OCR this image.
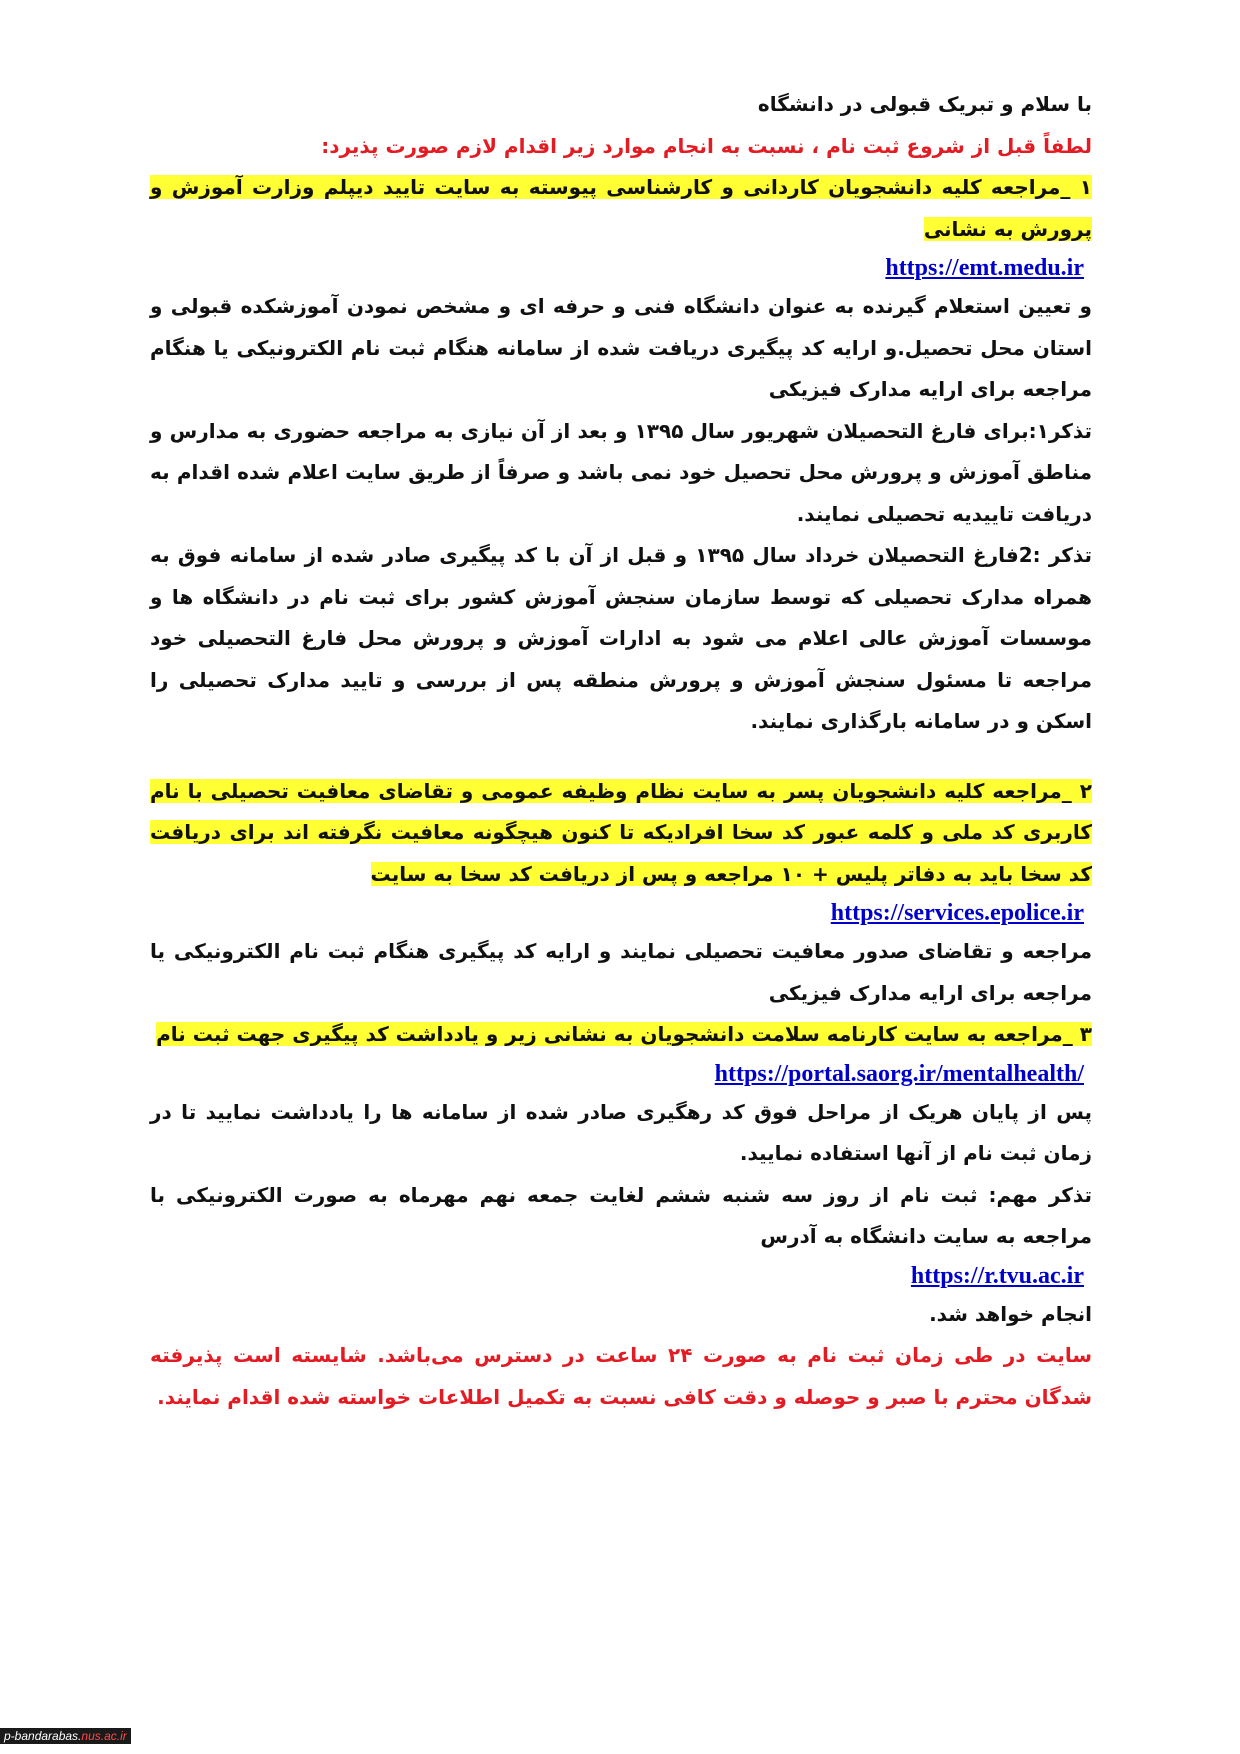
با سلام و تبریک قبولی در دانشگاه

لطفاً قبل از شروع ثبت نام ، نسبت به انجام موارد زیر اقدام لازم صورت پذیرد:

۱ _مراجعه کلیه دانشجویان کاردانی و کارشناسی پیوسته به سایت تایید دیپلم وزارت آموزش و پرورش به نشانی

https://emt.medu.ir

و تعیین استعلام گیرنده به عنوان دانشگاه فنی و حرفه ای و مشخص نمودن آموزشکده قبولی و استان محل تحصیل.و ارایه کد پیگیری دریافت شده از سامانه هنگام ثبت نام الکترونیکی یا هنگام مراجعه برای ارایه مدارک فیزیکی

تذکر۱:برای فارغ التحصیلان شهریور سال ۱۳۹۵ و بعد از آن نیازی به مراجعه حضوری به مدارس و مناطق آموزش و پرورش محل تحصیل خود نمی باشد و صرفاً از طریق سایت اعلام شده اقدام به دریافت تاییدیه تحصیلی نمایند.

تذکر :2فارغ التحصیلان خرداد سال ۱۳۹۵ و قبل از آن با کد پیگیری صادر شده از سامانه فوق به همراه مدارک تحصیلی که توسط سازمان سنجش آموزش کشور برای ثبت نام در دانشگاه ها و موسسات آموزش عالی اعلام می شود به ادارات آموزش و پرورش محل فارغ التحصیلی خود مراجعه تا مسئول سنجش آموزش و پرورش منطقه پس از بررسی و تایید مدارک تحصیلی را اسکن و در سامانه بارگذاری نمایند.

۲ _مراجعه کلیه دانشجویان پسر به سایت نظام وظیفه عمومی و تقاضای معافیت تحصیلی با نام کاربری کد ملی و کلمه عبور کد سخا افرادیکه تا کنون هیچگونه معافیت نگرفته اند برای دریافت کد سخا باید به دفاتر پلیس + ۱۰ مراجعه و پس از دریافت کد سخا به سایت

https://services.epolice.ir

مراجعه و تقاضای صدور معافیت تحصیلی نمایند و ارایه کد پیگیری هنگام ثبت نام الکترونیکی یا مراجعه برای ارایه مدارک فیزیکی

۳ _مراجعه به سایت کارنامه سلامت دانشجویان به نشانی زیر و یادداشت کد پیگیری جهت ثبت نام

https://portal.saorg.ir/mentalhealth/

پس از پایان هریک از مراحل فوق کد رهگیری صادر شده از سامانه ها را یادداشت نمایید تا در زمان ثبت نام از آنها استفاده نمایید.

تذکر مهم: ثبت نام از روز سه شنبه ششم لغایت جمعه نهم مهرماه به صورت الکترونیکی با مراجعه به سایت دانشگاه به آدرس

https://r.tvu.ac.ir

انجام خواهد شد.

سایت در طی زمان ثبت نام به صورت ۲۴ ساعت در دسترس می‌باشد. شایسته است پذیرفته شدگان محترم با صبر و حوصله و دقت کافی نسبت به تکمیل اطلاعات خواسته شده اقدام نمایند.

p-bandarabas.nus.ac.ir
